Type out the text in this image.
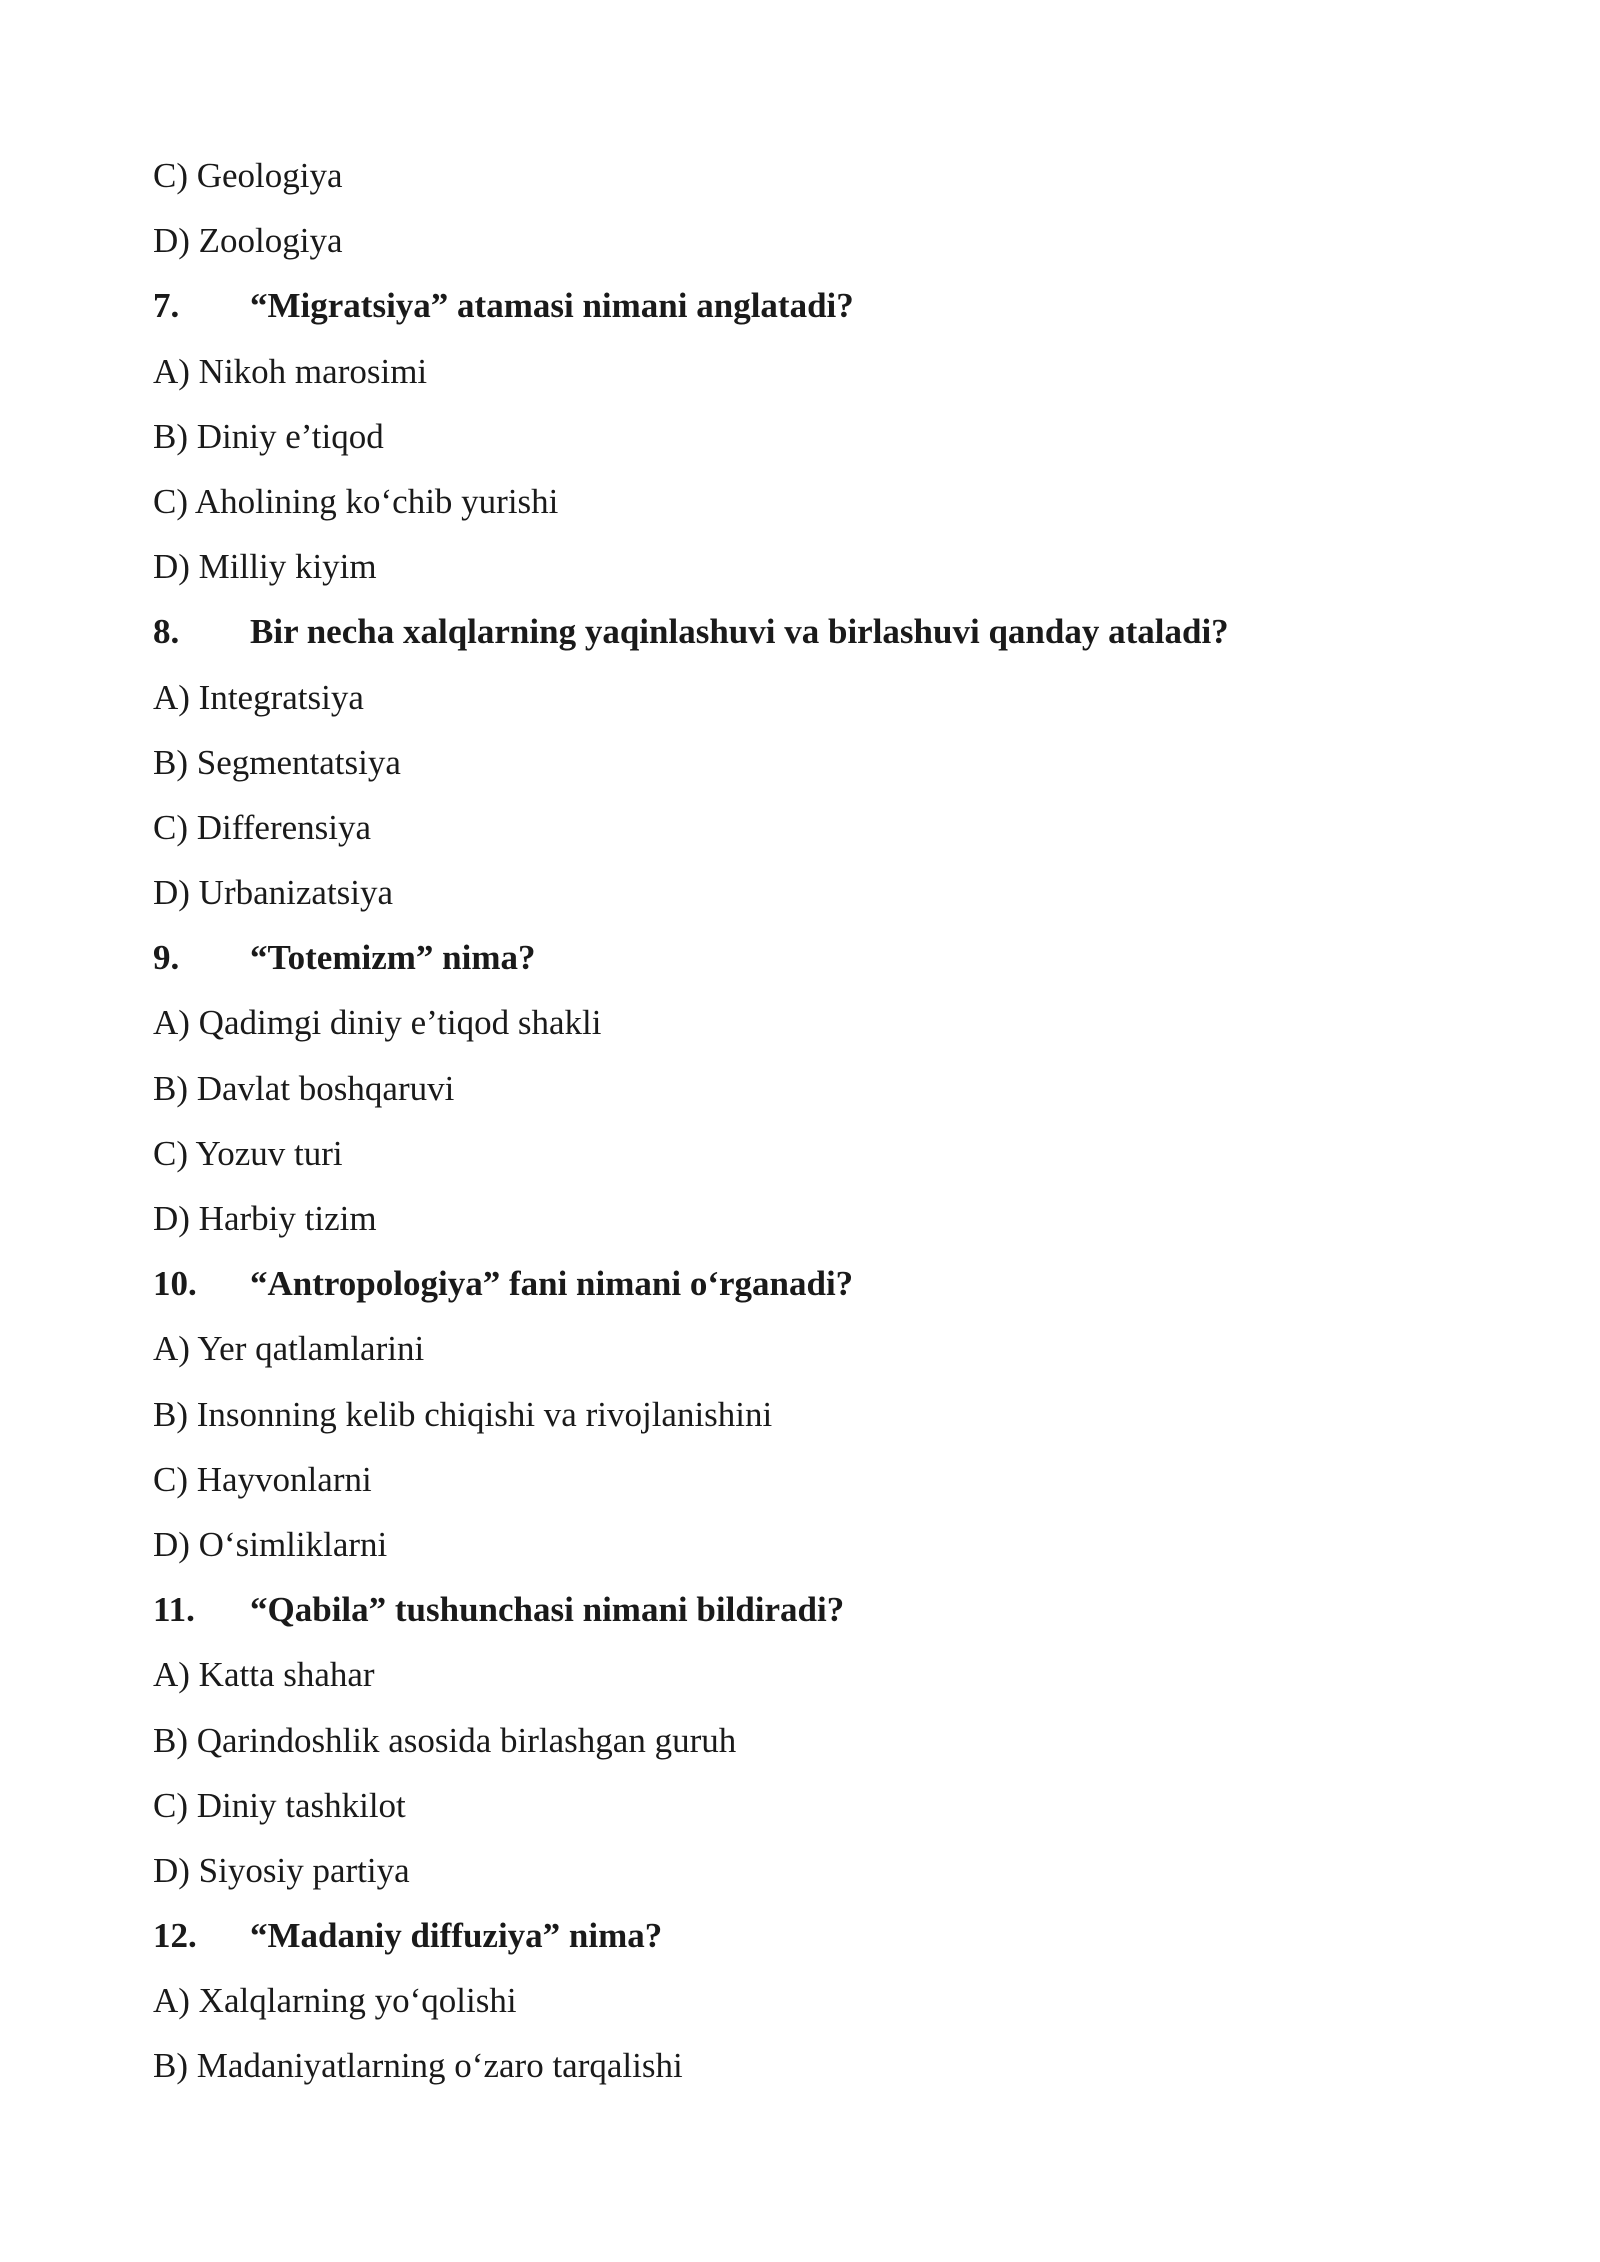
C) Geologiya
D) Zoologiya
7. “Migratsiya” atamasi nimani anglatadi?
A) Nikoh marosimi
B) Diniy e’tiqod
C) Aholining koʻchib yurishi
D) Milliy kiyim
8. Bir necha xalqlarning yaqinlashuvi va birlashuvi qanday ataladi?
A) Integratsiya
B) Segmentatsiya
C) Differensiya
D) Urbanizatsiya
9. “Totemizm” nima?
A) Qadimgi diniy e’tiqod shakli
B) Davlat boshqaruvi
C) Yozuv turi
D) Harbiy tizim
10. “Antropologiya” fani nimani oʻrganadi?
A) Yer qatlamlarini
B) Insonning kelib chiqishi va rivojlanishini
C) Hayvonlarni
D) Oʻsimliklarni
11. “Qabila” tushunchasi nimani bildiradi?
A) Katta shahar
B) Qarindoshlik asosida birlashgan guruh
C) Diniy tashkilot
D) Siyosiy partiya
12. “Madaniy diffuziya” nima?
A) Xalqlarning yoʻqolishi
B) Madaniyatlarning oʻzaro tarqalishi
